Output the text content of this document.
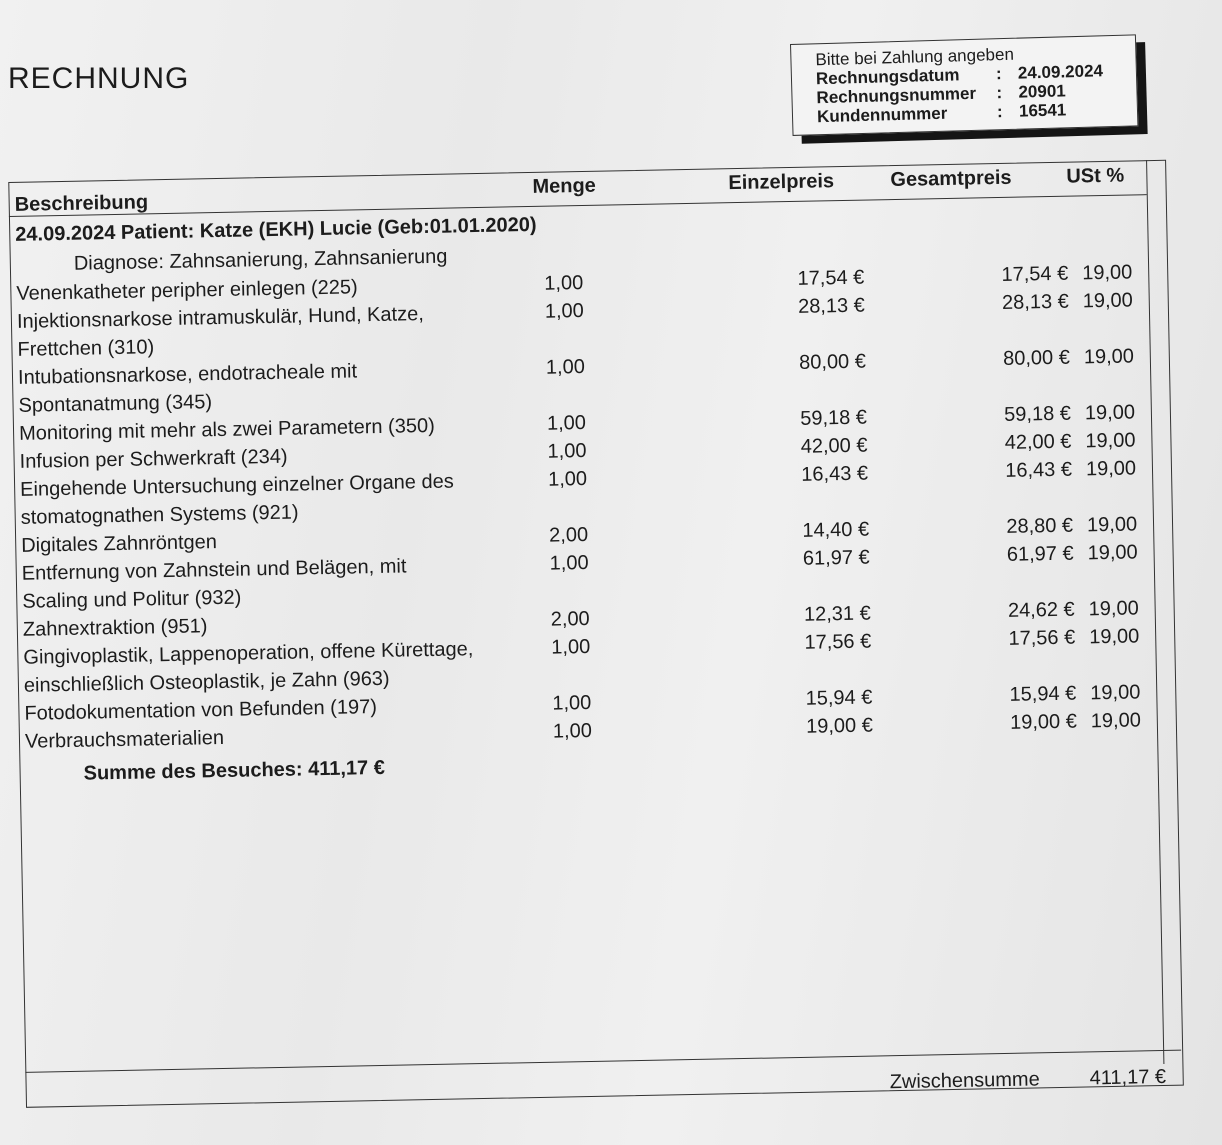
RECHNUNG
Bitte bei Zahlung angeben
Rechnungsdatum	: 24.09.2024
Rechnungsnummer	: 20901
Kundennummer	: 16541
Beschreibung
Menge	Einzelpreis	Gesamtpreis	USt %
24.09.2024 Patient: Katze (EKH) Lucie (Geb:01.01.2020)
Diagnose: Zahnsanierung, Zahnsanierung
Venenkatheter peripher einlegen (225)	1,00	17,54 €	17,54 € 19,00
Injektionsnarkose intramuskulär, Hund, Katze,	1,00	28,13 €	28,13 € 19,00
Frettchen (310)
Intubationsnarkose, endotracheale mit	1,00	80,00 €	80,00 € 19,00
Spontanatmung (345)
Monitoring mit mehr als zwei Parametern (350)	1,00	59,18 €	59,18 € 19,00
Infusion per Schwerkraft (234)	1,00	42,00 €	42,00 € 19,00
Eingehende Untersuchung einzelner Organe des	1,00	16,43 €	16,43 € 19,00
stomatognathen Systems (921)
Digitales Zahnröntgen	2,00	14,40 €	28,80 € 19,00
Entfernung von Zahnstein und Belägen, mit	1,00	61,97 €	61,97 € 19,00
Scaling und Politur (932)
Zahnextraktion (951)	2,00	12,31 €	24,62 € 19,00
Gingivoplastik, Lappenoperation, offene Kürettage,	1,00	17,56 €	17,56 € 19,00
einschließlich Osteoplastik, je Zahn (963)
Fotodokumentation von Befunden (197)	1,00	15,94 €	15,94 € 19,00
Verbrauchsmaterialien	1,00	19,00 €	19,00 € 19,00
Summe des Besuches: 411,17 €
Zwischensumme	411,17 €
